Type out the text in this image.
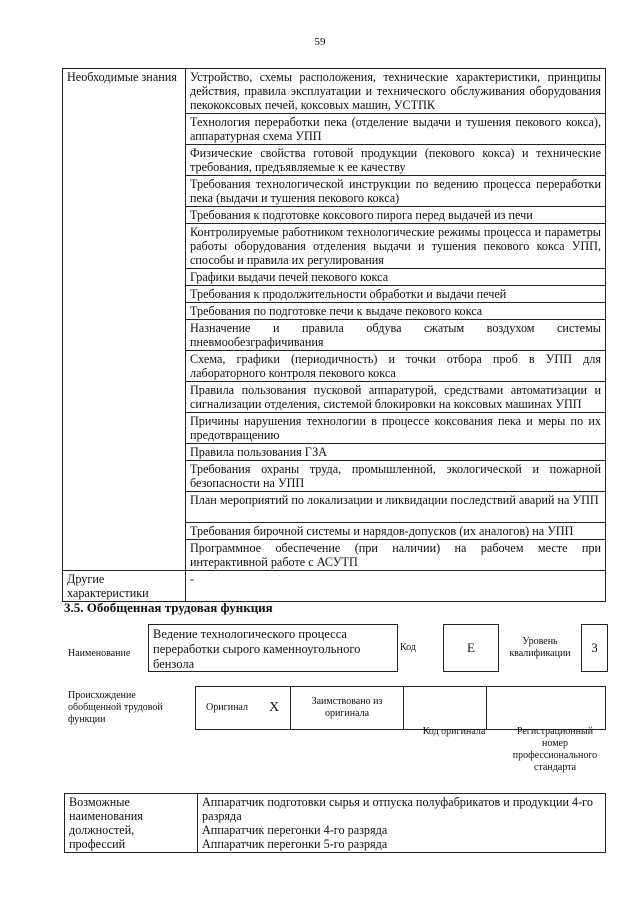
59
Необходимые знания	Устройство, схемы расположения, технические характеристики, принципы действия, правила эксплуатации и технического обслуживания оборудования пекококсовых печей, коксовых машин, УСТПК
	Технология переработки пека (отделение выдачи и тушения пекового кокса), аппаратурная схема УПП
	Физические свойства готовой продукции (пекового кокса) и технические требования, предъявляемые к ее качеству
	Требования технологической инструкции по ведению процесса переработки пека (выдачи и тушения пекового кокса)
	Требования к подготовке коксового пирога перед выдачей из печи
	Контролируемые работником технологические режимы процесса и параметры работы оборудования отделения выдачи и тушения пекового кокса УПП, способы и правила их регулирования
	Графики выдачи печей пекового кокса
	Требования к продолжительности обработки и выдачи печей
	Требования по подготовке печи к выдаче пекового кокса
	Назначение и правила обдува сжатым воздухом системы пневмообезграфичивания
	Схема, графики (периодичность) и точки отбора проб в УПП для лабораторного контроля пекового кокса
	Правила пользования пусковой аппаратурой, средствами автоматизации и сигнализации отделения, системой блокировки на коксовых машинах УПП
	Причины нарушения технологии в процессе коксования пека и меры по их предотвращению
	Правила пользования ГЗА
	Требования охраны труда, промышленной, экологической и пожарной безопасности на УПП
	План мероприятий по локализации и ликвидации последствий аварий на УПП
	Требования бирочной системы и нарядов-допусков (их аналогов) на УПП
	Программное обеспечение (при наличии) на рабочем месте при интерактивной работе с АСУТП
Другие характеристики	-
3.5. Обобщенная трудовая функция
Наименование
Ведение технологического процесса переработки сырого каменноугольного бензола
Код	E	Уровень квалификации	3
Происхождение обобщенной трудовой функции
Оригинал	X	Заимствовано из оригинала		
Код оригинала	Регистрационный номер профессионального стандарта
Возможные наименования должностей, профессий	
Аппаратчик подготовки сырья и отпуска полуфабрикатов и продукции 4-го разряда
Аппаратчик перегонки 4-го разряда
Аппаратчик перегонки 5-го разряда
